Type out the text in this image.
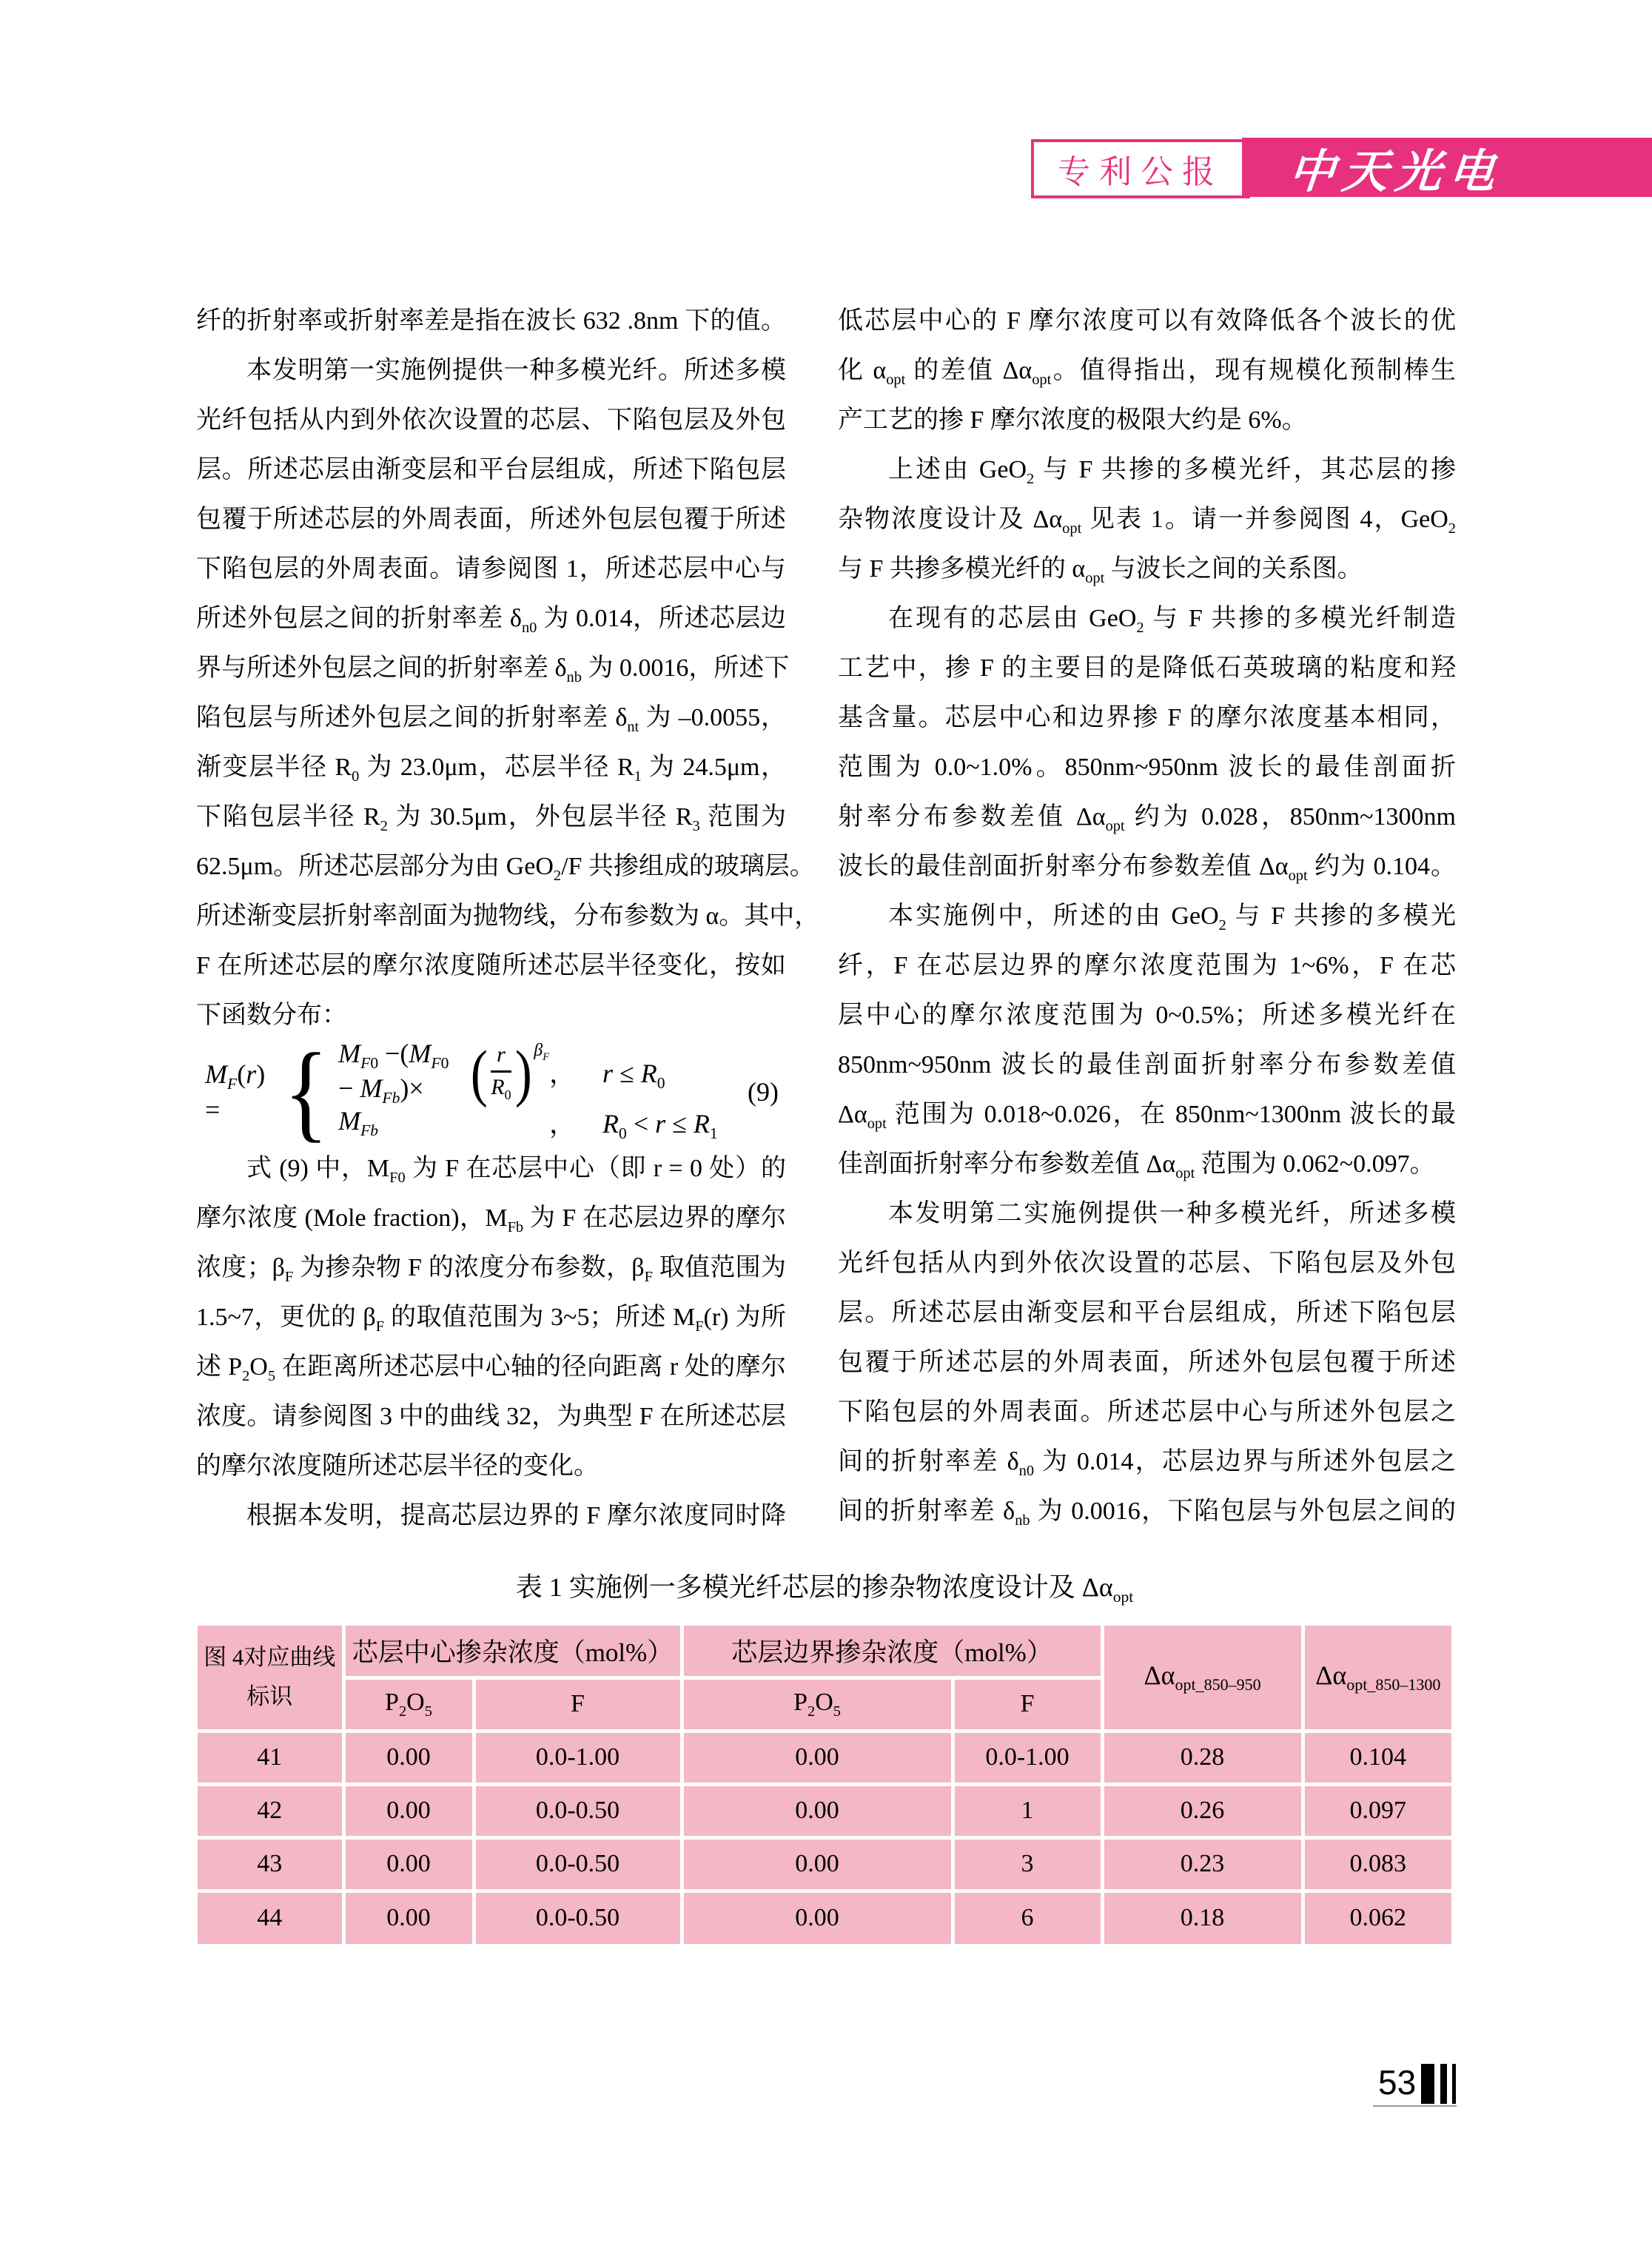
专利公报	中天光电
纤的折射率或折射率差是指在波长 632 .8nm 下的值。
本发明第一实施例提供一种多模光纤。所述多模
光纤包括从内到外依次设置的芯层、下陷包层及外包
层。所述芯层由渐变层和平台层组成，所述下陷包层
包覆于所述芯层的外周表面，所述外包层包覆于所述
下陷包层的外周表面。请参阅图 1，所述芯层中心与
所述外包层之间的折射率差 $\delta_{n0}$ 为 0.014，所述芯层边
界与所述外包层之间的折射率差 $\delta_{nb}$ 为 0.0016，所述下
陷包层与所述外包层之间的折射率差 $\delta_{nt}$ 为 –0.0055，
渐变层半径 $R_0$ 为 23.0μm，芯层半径 $R_1$ 为 24.5μm，
下陷包层半径 $R_2$ 为 30.5μm，外包层半径 $R_3$ 范围为
62.5μm。所述芯层部分为由 GeO$_2$/F 共掺组成的玻璃层。
所述渐变层折射率剖面为抛物线，分布参数为 α。其中，
F 在所述芯层的摩尔浓度随所述芯层半径变化，按如
下函数分布：
$M_F(r)$ = { $M_{F0} -(M_{F0} - M_{Fb})\times$ ( $\frac{r}{R_0}$ ) $\beta_F$
， $r \le R_0$
$M_{Fb}$	， $R_0 < r \le R_1$
(9)
式 (9) 中，$M_{F0}$ 为 F 在芯层中心（即 r = 0 处）的
摩尔浓度 (Mole fraction)，$M_{Fb}$ 为 F 在芯层边界的摩尔
浓度；$\beta_F$ 为掺杂物 F 的浓度分布参数，$\beta_F$ 取值范围为
1.5~7，更优的 $\beta_F$ 的取值范围为 3~5；所述 $M_F(r)$ 为所
述 $P_2O_5$ 在距离所述芯层中心轴的径向距离 r 处的摩尔
浓度。请参阅图 3 中的曲线 32，为典型 F 在所述芯层
的摩尔浓度随所述芯层半径的变化。
根据本发明，提高芯层边界的 F 摩尔浓度同时降
低芯层中心的 F 摩尔浓度可以有效降低各个波长的优
化 $\alpha_{opt}$ 的差值 $\Delta\alpha_{opt}$。值得指出，现有规模化预制棒生
产工艺的掺 F 摩尔浓度的极限大约是 6%。
上述由 GeO$_2$ 与 F 共掺的多模光纤，其芯层的掺
杂物浓度设计及 $\Delta\alpha_{opt}$ 见表 1。请一并参阅图 4，GeO$_2$
与 F 共掺多模光纤的 $\alpha_{opt}$ 与波长之间的关系图。
在现有的芯层由 GeO$_2$ 与 F 共掺的多模光纤制造
工艺中，掺 F 的主要目的是降低石英玻璃的粘度和羟
基含量。芯层中心和边界掺 F 的摩尔浓度基本相同，
范围为 0.0~1.0%。850nm~950nm 波长的最佳剖面折
射率分布参数差值 $\Delta\alpha_{opt}$ 约为 0.028，850nm~1300nm
波长的最佳剖面折射率分布参数差值 $\Delta\alpha_{opt}$ 约为 0.104。
本实施例中，所述的由 GeO$_2$ 与 F 共掺的多模光
纤，F 在芯层边界的摩尔浓度范围为 1~6%，F 在芯
层中心的摩尔浓度范围为 0~0.5%；所述多模光纤在
850nm~950nm 波长的最佳剖面折射率分布参数差值
$\Delta\alpha_{opt}$ 范围为 0.018~0.026，在 850nm~1300nm 波长的最
佳剖面折射率分布参数差值 $\Delta\alpha_{opt}$ 范围为 0.062~0.097。
本发明第二实施例提供一种多模光纤，所述多模
光纤包括从内到外依次设置的芯层、下陷包层及外包
层。所述芯层由渐变层和平台层组成，所述下陷包层
包覆于所述芯层的外周表面，所述外包层包覆于所述
下陷包层的外周表面。所述芯层中心与所述外包层之
间的折射率差 $\delta_{n0}$ 为 0.014，芯层边界与所述外包层之
间的折射率差 $\delta_{nb}$ 为 0.0016，下陷包层与外包层之间的
表 1 实施例一多模光纤芯层的掺杂物浓度设计及 $\Delta\alpha_{opt}$
图 4对应曲线
标识	芯层中心掺杂浓度（mol%）		芯层边界掺杂浓度（mol%）		$\Delta\alpha_{opt\_850-950}$	$\Delta\alpha_{opt\_850-1300}$
	$P_2O_5$	F	$P_2O_5$	F		
41	0.00	0.0-1.00	0.00	0.0-1.00	0.28	0.104
42	0.00	0.0-0.50	0.00	1	0.26	0.097
43	0.00	0.0-0.50	0.00	3	0.23	0.083
44	0.00	0.0-0.50	0.00	6	0.18	0.062
53
